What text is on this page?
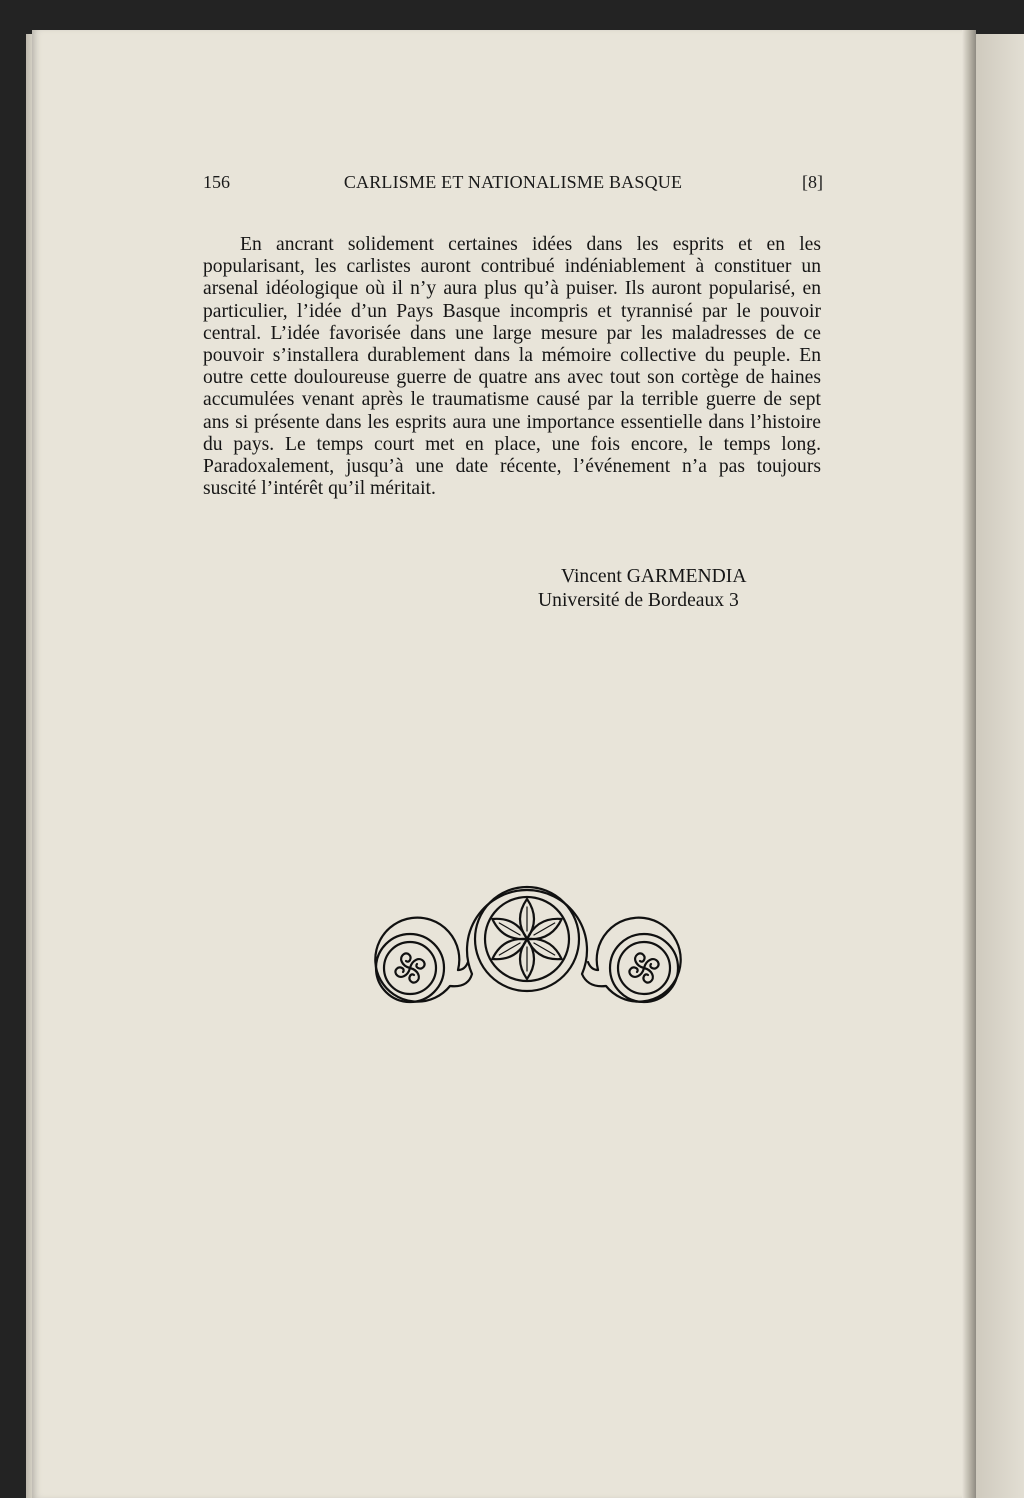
156	CARLISME ET NATIONALISME BASQUE	[8]

En ancrant solidement certaines idées dans les esprits et en les popularisant, les carlistes auront contribué indéniablement à constituer un arsenal idéologique où il n’y aura plus qu’à puiser. Ils auront popularisé, en particulier, l’idée d’un Pays Basque incompris et tyrannisé par le pouvoir central. L’idée favorisée dans une large mesure par les maladresses de ce pouvoir s’installera durablement dans la mémoire collective du peuple. En outre cette douloureuse guerre de quatre ans avec tout son cortège de haines accumulées venant après le traumatisme causé par la terrible guerre de sept ans si présente dans les esprits aura une importance essentielle dans l’histoire du pays. Le temps court met en place, une fois encore, le temps long. Paradoxalement, jusqu’à une date récente, l’événement n’a pas toujours suscité l’intérêt qu’il méritait.

Vincent GARMENDIA
Université de Bordeaux 3
